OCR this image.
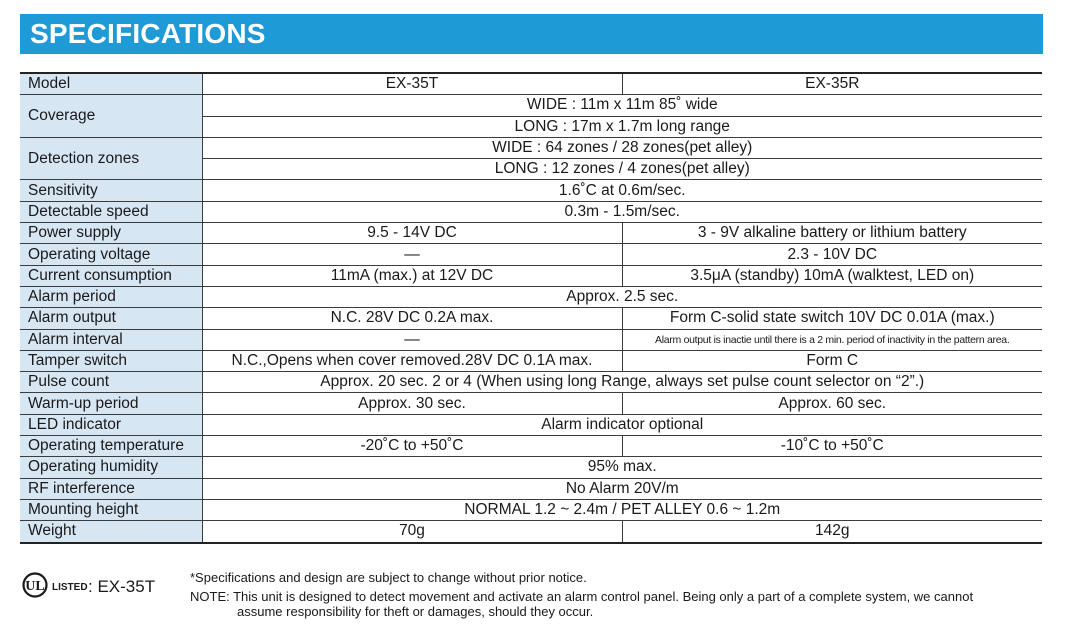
SPECIFICATIONS
Model	EX-35T	EX-35R
Coverage	WIDE : 11m x 11m 85˚ wide	
	LONG : 17m x 1.7m long range	
Detection zones	WIDE : 64 zones / 28 zones(pet alley)	
	LONG : 12 zones / 4 zones(pet alley)	
Sensitivity	1.6˚C at 0.6m/sec.	
Detectable speed	0.3m - 1.5m/sec.	
Power supply	9.5 - 14V DC	3 - 9V alkaline battery or lithium battery
Operating voltage	—	2.3 - 10V DC
Current consumption	11mA (max.) at 12V DC	3.5μA (standby) 10mA (walktest, LED on)
Alarm period	Approx. 2.5 sec.	
Alarm output	N.C. 28V DC 0.2A max.	Form C-solid state switch 10V DC 0.01A (max.)
Alarm interval	—	Alarm output is inactie until there is a 2 min. period of inactivity in the pattern area.
Tamper switch	N.C.,Opens when cover removed.28V DC 0.1A max.	Form C
Pulse count	Approx. 20 sec. 2 or 4 (When using long Range, always set pulse count selector on “2”.)	
Warm-up period	Approx. 30 sec.	Approx. 60 sec.
LED indicator	Alarm indicator optional	
Operating temperature	-20˚C to +50˚C	-10˚C to +50˚C
Operating humidity	95% max.	
RF interference	No Alarm 20V/m	
Mounting height	NORMAL 1.2 ~ 2.4m / PET ALLEY 0.6 ~ 1.2m	
Weight	70g	142g
UL LISTED : EX-35T	*Specifications and design are subject to change without prior notice.
NOTE: This unit is designed to detect movement and activate an alarm control panel. Being only a part of a complete system, we cannot
assume responsibility for theft or damages, should they occur.
